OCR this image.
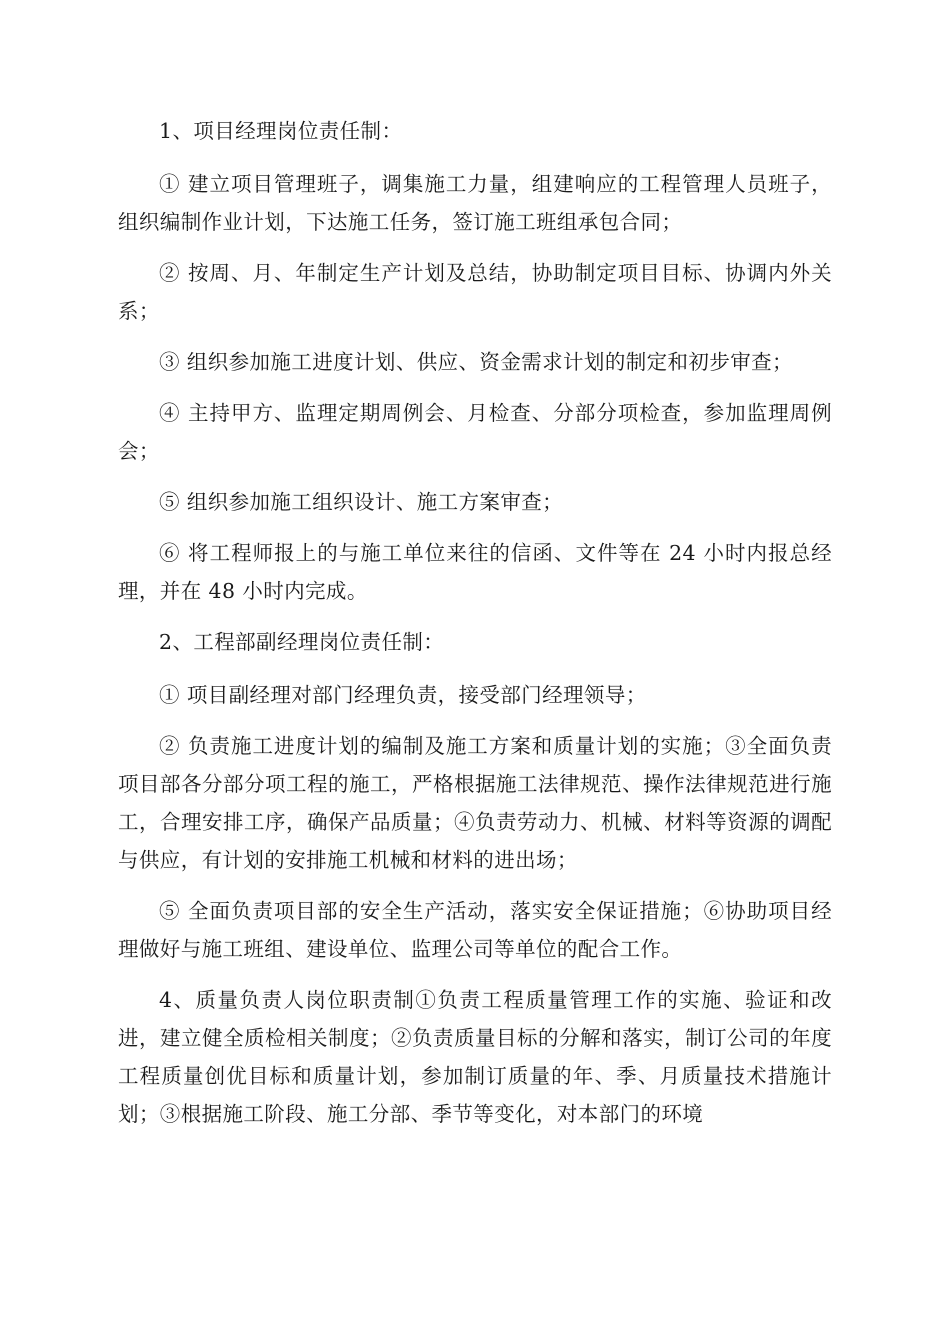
1、项目经理岗位责任制：

① 建立项目管理班子，调集施工力量，组建响应的工程管理人员班子，组织编制作业计划，下达施工任务，签订施工班组承包合同；

② 按周、月、年制定生产计划及总结，协助制定项目目标、协调内外关系；

③ 组织参加施工进度计划、供应、资金需求计划的制定和初步审查；

④ 主持甲方、监理定期周例会、月检查、分部分项检查，参加监理周例会；

⑤ 组织参加施工组织设计、施工方案审查；

⑥ 将工程师报上的与施工单位来往的信函、文件等在 24 小时内报总经理，并在 48 小时内完成。

2、工程部副经理岗位责任制：

① 项目副经理对部门经理负责，接受部门经理领导；

② 负责施工进度计划的编制及施工方案和质量计划的实施；③全面负责项目部各分部分项工程的施工，严格根据施工法律规范、操作法律规范进行施工，合理安排工序，确保产品质量；④负责劳动力、机械、材料等资源的调配与供应，有计划的安排施工机械和材料的进出场；

⑤ 全面负责项目部的安全生产活动，落实安全保证措施；⑥协助项目经理做好与施工班组、建设单位、监理公司等单位的配合工作。

4、质量负责人岗位职责制①负责工程质量管理工作的实施、验证和改进，建立健全质检相关制度；②负责质量目标的分解和落实，制订公司的年度工程质量创优目标和质量计划，参加制订质量的年、季、月质量技术措施计划；③根据施工阶段、施工分部、季节等变化，对本部门的环境
